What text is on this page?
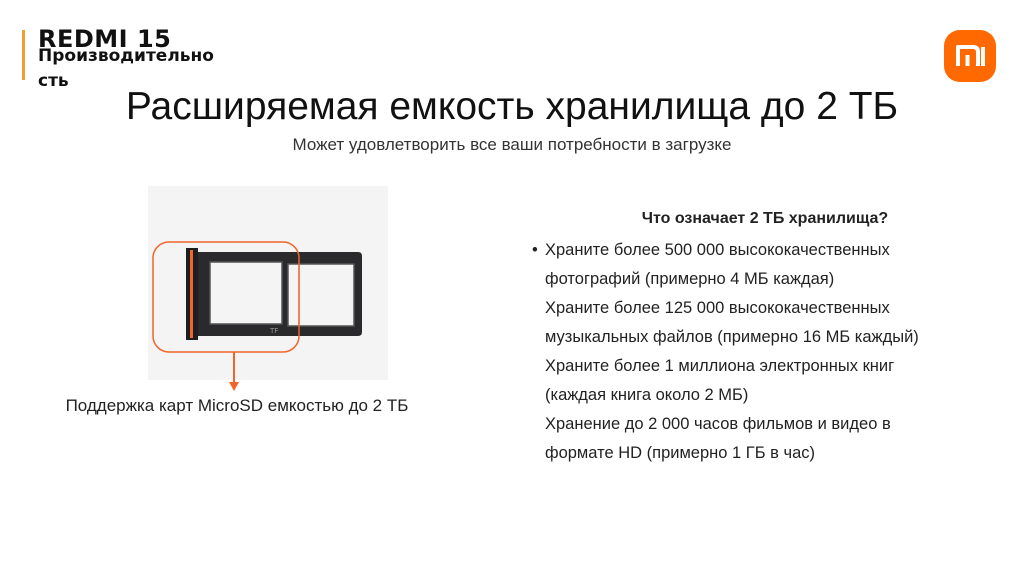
REDMI 15
Производительно сть
Расширяемая емкость хранилища до 2 ТБ
Может удовлетворить все ваши потребности в загрузке
TF
Поддержка карт MicroSD емкостью до 2 ТБ
Что означает 2 ТБ хранилища?
• Храните более 500 000 высококачественных
фотографий (примерно 4 МБ каждая)
Храните более 125 000 высококачественных
музыкальных файлов (примерно 16 МБ каждый)
Храните более 1 миллиона электронных книг
(каждая книга около 2 МБ)
Хранение до 2 000 часов фильмов и видео в
формате HD (примерно 1 ГБ в час)
